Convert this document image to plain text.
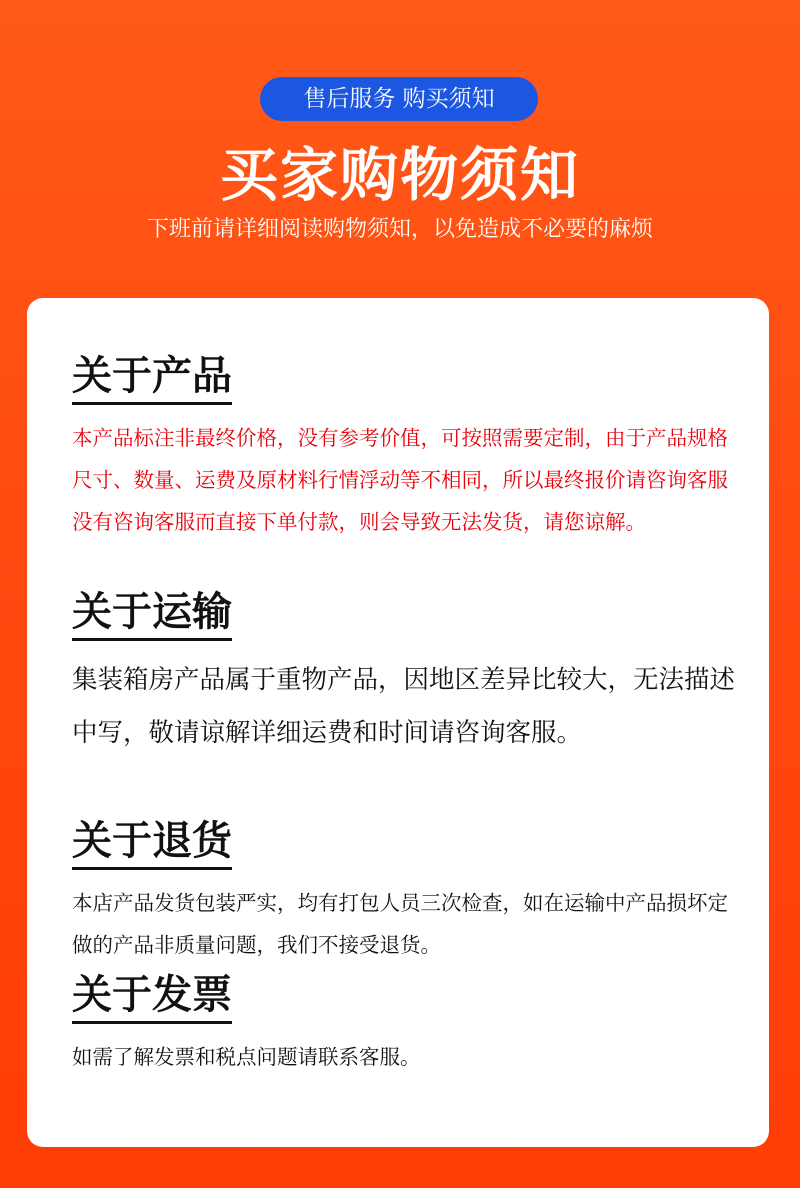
售后服务 购买须知
买家购物须知
下班前请详细阅读购物须知，以免造成不必要的麻烦
关于产品
本产品标注非最终价格，没有参考价值，可按照需要定制，由于产品规格尺寸、数量、运费及原材料行情浮动等不相同，所以最终报价请咨询客服没有咨询客服而直接下单付款，则会导致无法发货，请您谅解。
关于运输
集装箱房产品属于重物产品，因地区差异比较大，无法描述中写，敬请谅解详细运费和时间请咨询客服。
关于退货
本店产品发货包装严实，均有打包人员三次检查，如在运输中产品损坏定做的产品非质量问题，我们不接受退货。
关于发票
如需了解发票和税点问题请联系客服。
